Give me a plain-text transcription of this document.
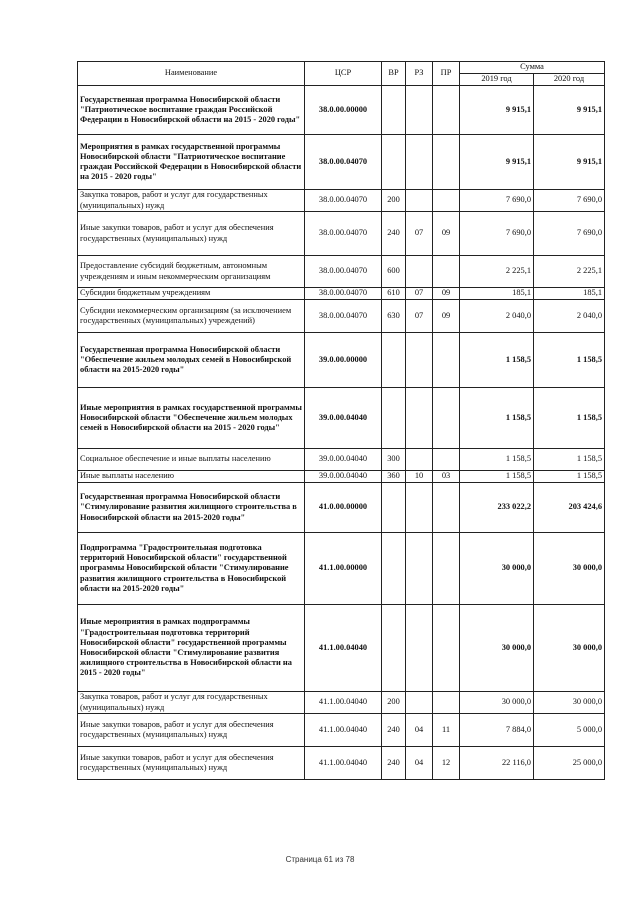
Наименование	ЦСР	ВР	РЗ	ПР	Сумма	
					2019 год	2020 год
Государственная программа Новосибирской области "Патриотическое воспитание граждан Российской Федерации в Новосибирской области на 2015 - 2020 годы"	38.0.00.00000				9 915,1	9 915,1
Мероприятия в рамках государственной программы Новосибирской области "Патриотическое воспитание граждан Российской Федерации в Новосибирской области на 2015 - 2020 годы"	38.0.00.04070				9 915,1	9 915,1
Закупка товаров, работ и услуг для государственных (муниципальных) нужд	38.0.00.04070	200			7 690,0	7 690,0
Иные закупки товаров, работ и услуг для обеспечения государственных (муниципальных) нужд	38.0.00.04070	240	07	09	7 690,0	7 690,0
Предоставление субсидий бюджетным, автономным учреждениям и иным некоммерческим организациям	38.0.00.04070	600			2 225,1	2 225,1
Субсидии бюджетным учреждениям	38.0.00.04070	610	07	09	185,1	185,1
Субсидии некоммерческим организациям (за исключением государственных (муниципальных) учреждений)	38.0.00.04070	630	07	09	2 040,0	2 040,0
Государственная программа Новосибирской области "Обеспечение жильем молодых семей в Новосибирской области на 2015-2020 годы"	39.0.00.00000				1 158,5	1 158,5
Иные мероприятия в рамках государственной программы Новосибирской области "Обеспечение жильем молодых семей в Новосибирской области на 2015 - 2020 годы"	39.0.00.04040				1 158,5	1 158,5
Социальное обеспечение и иные выплаты населению	39.0.00.04040	300			1 158,5	1 158,5
Иные выплаты населению	39.0.00.04040	360	10	03	1 158,5	1 158,5
Государственная программа Новосибирской области "Стимулирование развития жилищного строительства в Новосибирской области на 2015-2020 годы"	41.0.00.00000				233 022,2	203 424,6
Подпрограмма "Градостроительная подготовка территорий Новосибирской области" государственной программы Новосибирской области "Стимулирование развития жилищного строительства в Новосибирской области на 2015-2020 годы"	41.1.00.00000				30 000,0	30 000,0
Иные мероприятия в рамках подпрограммы "Градостроительная подготовка территорий Новосибирской области" государственной программы Новосибирской области "Стимулирование развития жилищного строительства в Новосибирской области на 2015 - 2020 годы"	41.1.00.04040				30 000,0	30 000,0
Закупка товаров, работ и услуг для государственных (муниципальных) нужд	41.1.00.04040	200			30 000,0	30 000,0
Иные закупки товаров, работ и услуг для обеспечения государственных (муниципальных) нужд	41.1.00.04040	240	04	11	7 884,0	5 000,0
Иные закупки товаров, работ и услуг для обеспечения государственных (муниципальных) нужд	41.1.00.04040	240	04	12	22 116,0	25 000,0
Страница 61 из 78
